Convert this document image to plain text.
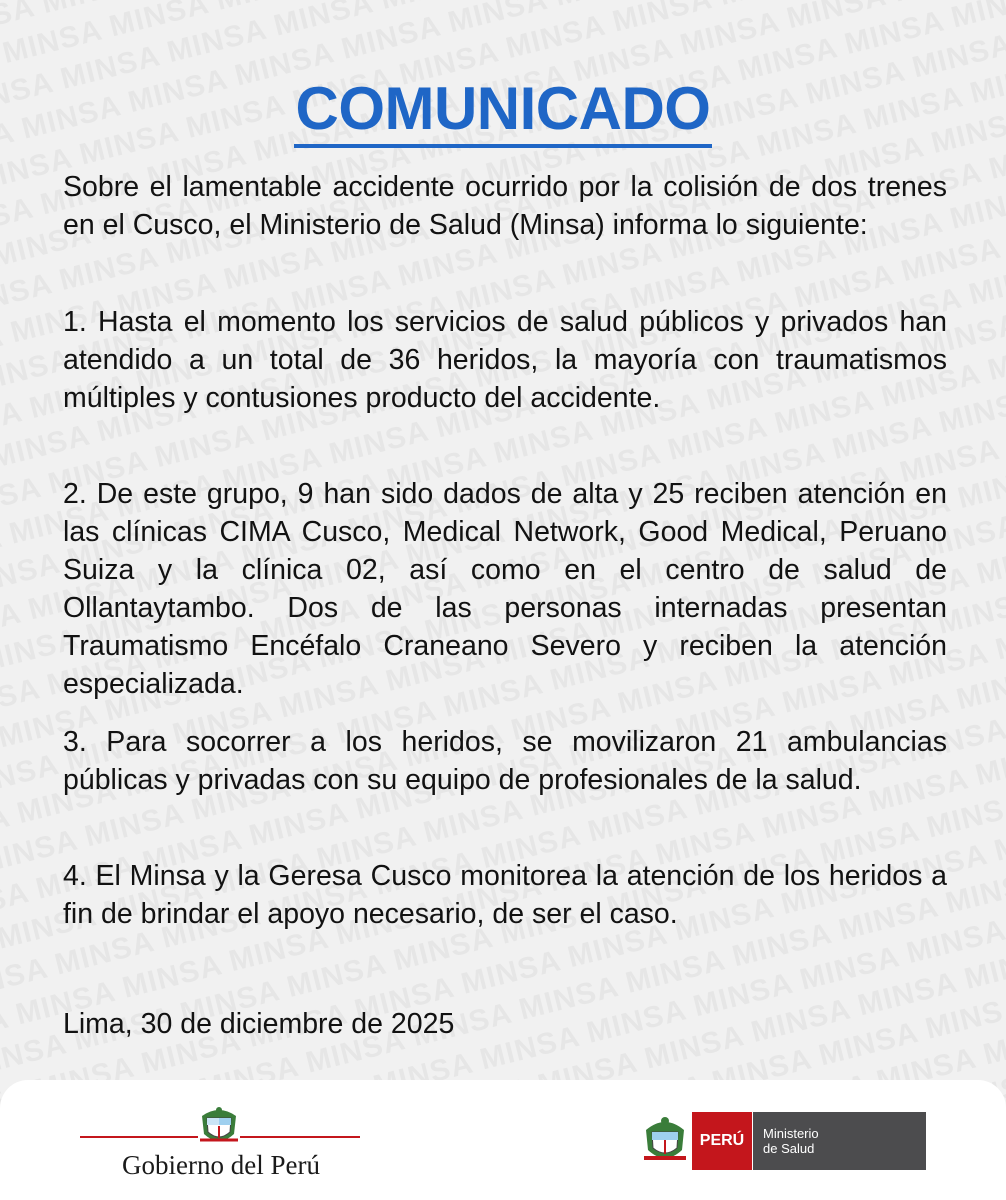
COMUNICADO

Sobre el lamentable accidente ocurrido por la colisión de dos trenes en el Cusco, el Ministerio de Salud (Minsa) informa lo siguiente:

1. Hasta el momento los servicios de salud públicos y privados han atendido a un total de 36 heridos, la mayoría con traumatismos múltiples y contusiones producto del accidente.

2. De este grupo, 9 han sido dados de alta y 25 reciben atención en las clínicas CIMA Cusco, Medical Network, Good Medical, Peruano Suiza y la clínica 02, así como en el centro de salud de Ollantaytambo. Dos de las personas internadas presentan Traumatismo Encéfalo Craneano Severo y reciben la atención especializada.

3. Para socorrer a los heridos, se movilizaron 21 ambulancias públicas y privadas con su equipo de profesionales de la salud.

4. El Minsa y la Geresa Cusco monitorea la atención de los heridos a fin de brindar el apoyo necesario, de ser el caso.

Lima, 30 de diciembre de 2025

Gobierno del Perú
PERÚ Ministerio
de Salud
